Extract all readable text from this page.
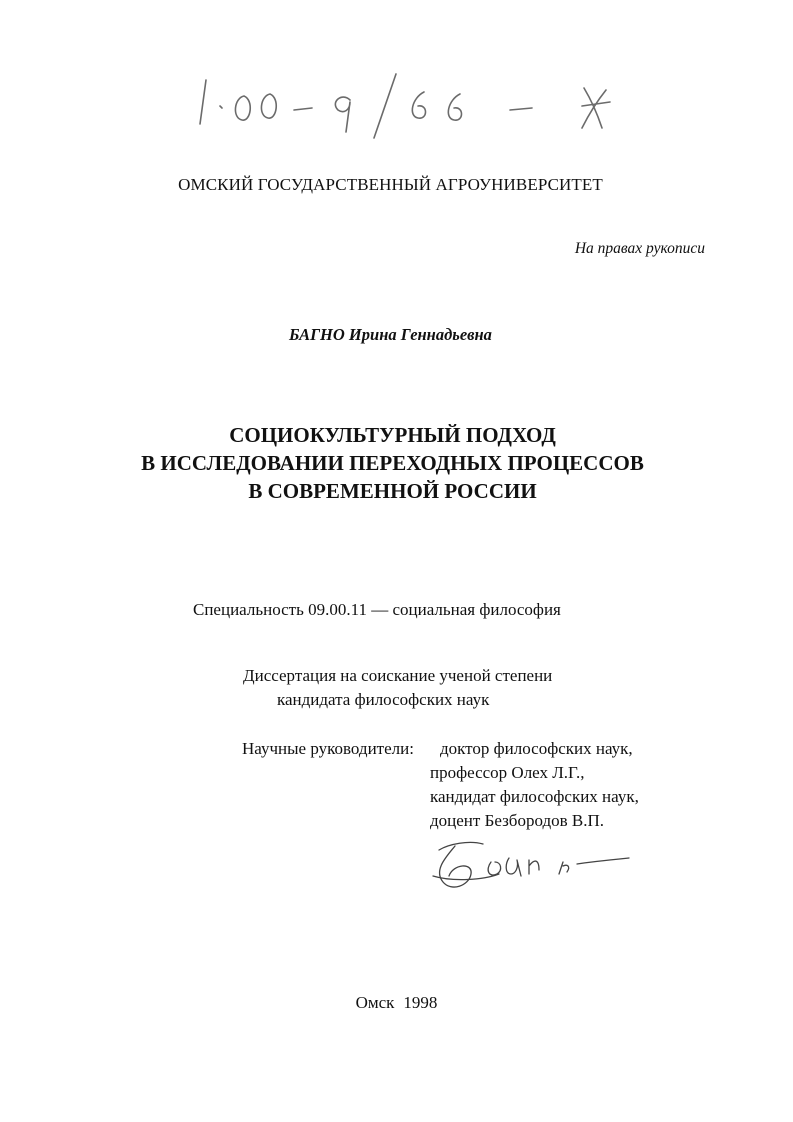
ОМСКИЙ ГОСУДАРСТВЕННЫЙ АГРОУНИВЕРСИТЕТ
На правах рукописи
БАГНО Ирина Геннадьевна
СОЦИОКУЛЬТУРНЫЙ ПОДХОД
В ИССЛЕДОВАНИИ ПЕРЕХОДНЫХ ПРОЦЕССОВ
В СОВРЕМЕННОЙ РОССИИ
Специальность 09.00.11 — социальная философия
Диссертация на соискание ученой степени
кандидата философских наук
Научные руководители: доктор философских наук,
профессор Олех Л.Г.,
кандидат философских наук,
доцент Безбородов В.П.
Омск 1998
